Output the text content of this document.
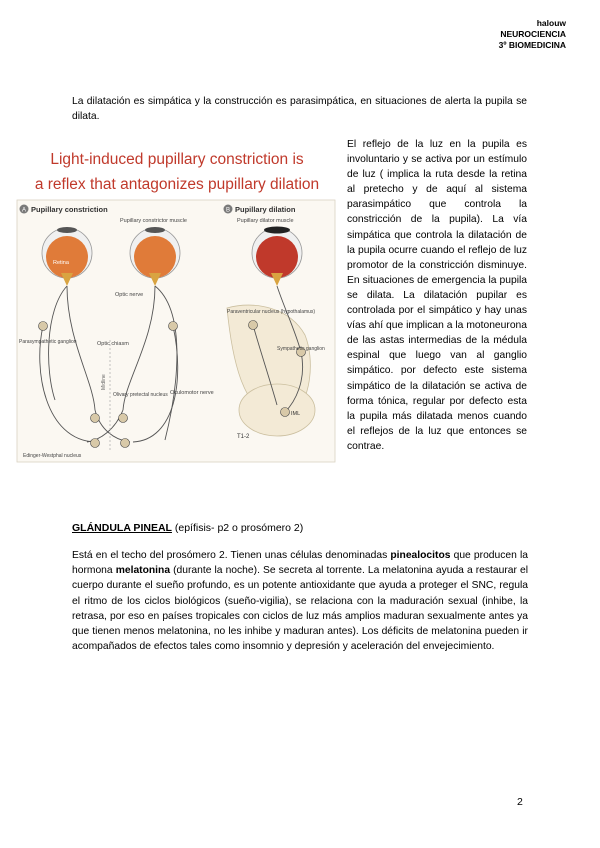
halouw
NEUROCIENCIA
3º BIOMEDICINA
La dilatación es simpática y la construcción es parasimpática, en situaciones de alerta la pupila se dilata.
Light-induced pupillary constriction is
a reflex that antagonizes pupillary dilation
A Pupillary constriction	B Pupillary dilation
Retina
Pupillary constrictor muscle	Pupillary dilator muscle
Optic nerve
Parasympathetic ganglion	Optic chiasm
Midline
Olivary pretectal nucleus Oculomotor nerve
Edinger-Westphal nucleus
Paraventricular nucleus (hypothalamus)
Sympathetic ganglion
IML
T1-2
El reflejo de la luz en la pupila es involuntario y se activa por un estímulo de luz ( implica la ruta desde la retina al pretecho y de aquí al sistema parasimpático que controla la constricción de la pupila). La vía simpática que controla la dilatación de la pupila ocurre cuando el reflejo de luz promotor de la constricción disminuye. En situaciones de emergencia la pupila se dilata. La dilatación pupilar es controlada por el simpático y hay unas vías ahí que implican a la motoneurona de las astas intermedias de la médula espinal que luego van al ganglio simpático. por defecto este sistema simpático de la dilatación se activa de forma tónica, regular por defecto esta la pupila más dilatada menos cuando el reflejos de la luz que entonces se contrae.
GLÁNDULA PINEAL (epífisis- p2 o prosómero 2)
Está en el techo del prosómero 2. Tienen unas células denominadas pinealocitos que producen la hormona melatonina (durante la noche). Se secreta al torrente. La melatonina ayuda a restaurar el cuerpo durante el sueño profundo, es un potente antioxidante que ayuda a proteger el SNC, regula el ritmo de los ciclos biológicos (sueño-vigilia), se relaciona con la maduración sexual (inhibe, la retrasa, por eso en países tropicales con ciclos de luz más amplios maduran sexualmente antes ya que tienen menos melatonina, no les inhibe y maduran antes). Los déficits de melatonina pueden ir acompañados de efectos tales como insomnio y depresión y aceleración del envejecimiento.
2
